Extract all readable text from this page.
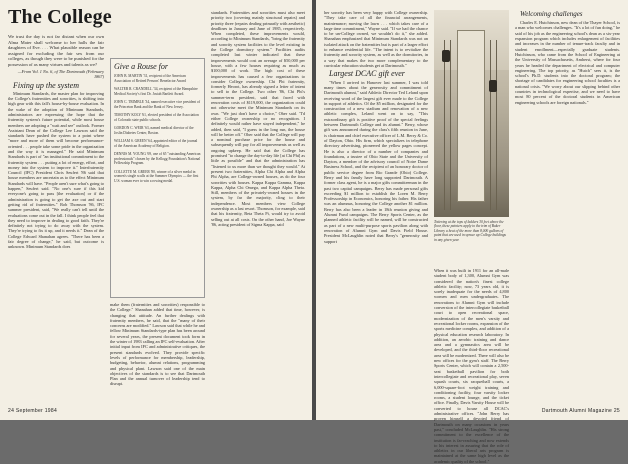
The College

We trust the day is not far distant when our own Alma Mater shall welcome to her halls the fair daughters of Eve. . . . What plausible reason can be assigned for excluding the fair sex from our colleges, as though they were to be punished for the possession of as many virtues and talents as we?

—From Vol. 1 No. 6, of The Dartmouth (February 1867)

Fixing up the system

Minimum Standards, the master plan for improving the College's fraternities and sororities, is shifting into high gear with this fall's house-by-house evaluation. In the wake of the adoption of Minimum Standards, administrators are expressing the hope that the fraternity system's future potential, while most house members are adopting a "wait and see" outlook. Former Assistant Dean of the College Lee Lawson said the standards have pushed the system to a point where "more and more of them will become performance-oriented . . . people take some pride in the organization and the way it is managed." He said Minimum Standards is part of "an institutional commitment to the fraternity system . . . putting a lot of energy, effort, and money into the system to improve it." Interfraternity Council (IFC) President Chris Seufert '86 said that house members are uncertain as to the effect Minimum Standards will have. "People aren't sure what's going to happen," Seufert said. "No one's sure if this kid everyone's going to pass [the evaluation] or if the administration is going to get the axe out and start getting rid of fraternities." Rob Thomson '86, IFC summer president, said, "We really can't tell until the evaluations come out in the fall. I think people feel that they need to improve in dealing to good faith. They're definitely not trying to do away with the system. They're trying to fix it up, and it needs it." Dean of the College Edward Shanahan agrees. "There has been a fair degree of change," he said, but outcome is unknown. Minimum Standards does

Give a Rouse for
JOHN B. MARTIN '31, recipient of the American Association of Retired Persons' Benefactor Award
WALTER R. CRANDELL '34, recipient of the Hampshire Medical Society's first Dr. Josiah Bartlett Award.
JOHN C. TRIMBLE '34, named executive vice president of the Princeton Bank and the Bank of New Jersey.
TIMOTHY KOLY '61, elected president of the Association of Colorado state public schools.
GORDON C. WEIR '63, named medical director of the Joslin Diabetes Center, Boston.
WILLIAM S. GREEN '64, appointed editor of the journal of the American Academy of Religion.
DENNIS M. YOUNG '69, one of 65 "outstanding American professionals" chosen by the Kellogg Foundation's National Fellowship Program.
COLLETTE M. GREER '80, winner of a silver medal in women's single sculls at the Summer Olympics — the first U.S. woman ever to win a rowing medal.

make them (fraternities and sororities) responsible to the College." Shanahan added that time, however, is changing that attitude. An further dealings with fraternity members, he said, that the "many of their concerns are modified." Lawson said that while he and fellow Minimum Standards-type plan has been around for several years, the present document took form in the winter of 1983 calling an IFC self-evaluation. After initial input from IFC and administrative critiques, the present standards evolved. They provide specific levels of performance for membership, leadership, budgeting, behavior, alumni relations, programming and physical plant. Lawson said one of the main objectives of the standards is to see that Dartmouth Plan and the annual turnover of leadership tend to disrupt.

standards. Fraternities and sororities must also meet priority two (covering mainly structural repairs) and priority three (repairs dealing primarily with aesthetic) deadlines in January and June of 1985, respectively. When completed, these improvements would, according to Minimum Standards, "bring the fraternity and sorority system facilities to the level existing in the College dormitory system." Facilities audits completed last winter indicated that these improvements would cost an average of $50,000 per house, with a few houses requiring as much as $100,000 of work. The high cost of these improvements has caused a few organizations to consider College ownership. Chi Phi fraternity, formerly Heorot, has already signed a letter of intent to sell to the College. Two other '86, Chi Phi's summer-term president, said that faced with renovation costs of $119,000, the organization could not otherwise meet the Minimum Standards on its own. "We just don't have a choice," Oher said. "I'd either College ownership or no recognition. I definitely would rather have stayed independent," he added, then said, "I guess in the long run, the house will be better off." Oher said that the College will pay a nominal purchase price for the house and subsequently will pay for all improvements as well as ongoing upkeep. He said that the College has promised "to change the day-to-day life [at Chi Phi] as little as possible" and that the administration has "listened to us more than we thought they would." At present two fraternities, Alpha Chi Alpha and Alpha Phi Alpha, are College-owned houses, as do the four sororities with houses. Kappa Kappa Gamma, Kappa Kappa, Alpha Chi Omega, and Kappa Alpha Theta. Still, members of the privately-owned houses in the system, by far the majority, cling to their independence. Most members view College ownership as a last resort. Thomson, for example, said that his fraternity, Beta Theta Pi, would try to avoid selling out at all costs. On the other hand, Joe Wayne '86, acting president of Sigma Kappa, said

24 September 1984

her sorority has been very happy with College ownership. "They take care of all the financial arrangements, maintenance; moving the lawn . . . which takes care of a large time commitment," Wayne said. "If we had the chance to be un-College owned, we wouldn't do it," she added. Shanahan emphasized that Minimum Standards was not an isolated attack on the fraternities but is part of a larger effort to enhance residential life. "The intent is to revitalize the fraternity and sorority system, as well as the dormitories, in a way that makes the two more complementary to the curricular education students get at Dartmouth."

Largest DCAC gift ever

"When I arrived in Hanover last summer, I was told many times about the generosity and commitment of Dartmouth alumni," said Athletic Director Ted Leland upon receiving word of the largest gift ever made to the College in support of athletics. Of the $5 million, designated for the construction of a new stadium and renovation of a new athletic complex, Leland went on to say, "This extraordinary gift is positive proof of the special feelings between Dartmouth College and its alumni." Berry, whose gift was announced during the class's fifth reunion in June, is chairman and chief executive officer of L.M. Berry & Co. of Dayton, Ohio. His firm, which specializes in telephone directory advertising, pioneered the yellow pages concept. He is also a director of a number of companies and foundations, a trustee of Ohio State and the University of Dayton, a member of the advisory council of Notre Dame Business School, and the recipient of an honorary doctor of public service degree from Rio Grande (Ohio) College. Berry and his family have long supported Dartmouth. A former class agent, he is a major gifts committeeman in the past two capital campaigns. Berry has made personal gifts exceeding $1 million to establish the Loren M. Berry Professorship in Economics, honoring his father. His father was an alumnus, honoring the College another $1 million. Berry has also been a leader in 18th reunion giving and Alumni Fund campaigns. The Berry Sports Center, as the planned athletic facility will be named, will be constructed as part of a new multi-purpose sports pavilion along with renovation of Alumni Gym and Davis Field House. President McLaughlin noted that Berry's "generosity and support

Tottering at the tops of ladders 30 feet above the floor, these painters apply to the trim of Baker Library a heat of the more than 8,000 gallons of paint that are used in spruce up College buildings in any given year.

When it was built in 1911 for an all-male student body of 1,300, Alumni Gym was considered the nation's finest college athletic facility; now, 73 years old, it is sorely inadequate for the needs of 4,800 women and men undergraduates. The renovations to Alumni Gym will include conversion of the intercollegiate basketball court to open recreational space, modernization of the men's varsity and recreational locker rooms, expansion of the sports medicine complex, and addition of a physical education research laboratory. In addition, an aerobic training and dance area and a gymnastics area will be developed, and the third-floor recreational area will be modernized. There will also be new offices for the gym's staff. The Berry Sports Center, which will contain a 2,500-seat basketball pavilion for both intercollegiate and recreational play, seven squash courts, six racquetball courts, a 6,000-square-foot weight training and conditioning facility, four varsity locker rooms, a student lounge, and the ticket office. Finally, Davis Varsity House will be converted to house all DCAC's administrative offices. "John Berry has proven himself a devoted friend of Dartmouth on many occasions in years past," concluded McLaughlin. "His strong commitment to the excellence of the institution is far-reaching and now extends to his interest in assuring that the role of athletics in our liberal arts program is maintained at the same high level as the academic quality of the school."

Welcoming challenges

Charles E. Hutchinson, new dean of the Thayer School, is a man who welcomes challenges. "It's a lot of fun doing," he said of his job as the engineering school's dean as a six-year expansion program which includes enlargement of facilities and increases in the number of tenure-track faculty and in student enrollment—especially graduate students. Hutchinson, who came from the School of Engineering at the University of Massachusetts, Amherst, where for four years he headed the department of electrical and computer engineering. The top priority, as "Hutch" sees it, is the school's Ph.D. students into the doctoral program; the shortage of candidates for engineering school faculties is a national crisis. "We worry about our slipping behind other countries in technological expertise, and we need to have most 80 percent of the doctoral students in American engineering schools are foreign nationals."

Dartmouth Alumni Magazine 25
